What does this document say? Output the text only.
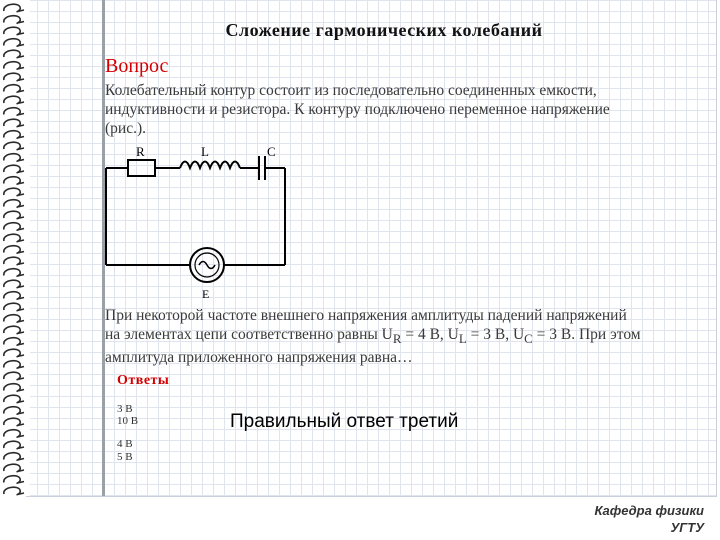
Сложение гармонических колебаний
Вопрос
Колебательный контур состоит из последовательно соединенных емкости,
индуктивности и резистора. К контуру подключено переменное напряжение
(рис.).
R	L	C
E
При некоторой частоте внешнего напряжения амплитуды падений напряжений
на элементах цепи соответственно равны $U_R = 4$ В, $U_L = 3$ В, $U_C = 3$ В. При этом
амплитуда приложенного напряжения равна…
Ответы
3 В
10 В
4 В
5 В
Правильный ответ третий
Кафедра физики
УГТУ
